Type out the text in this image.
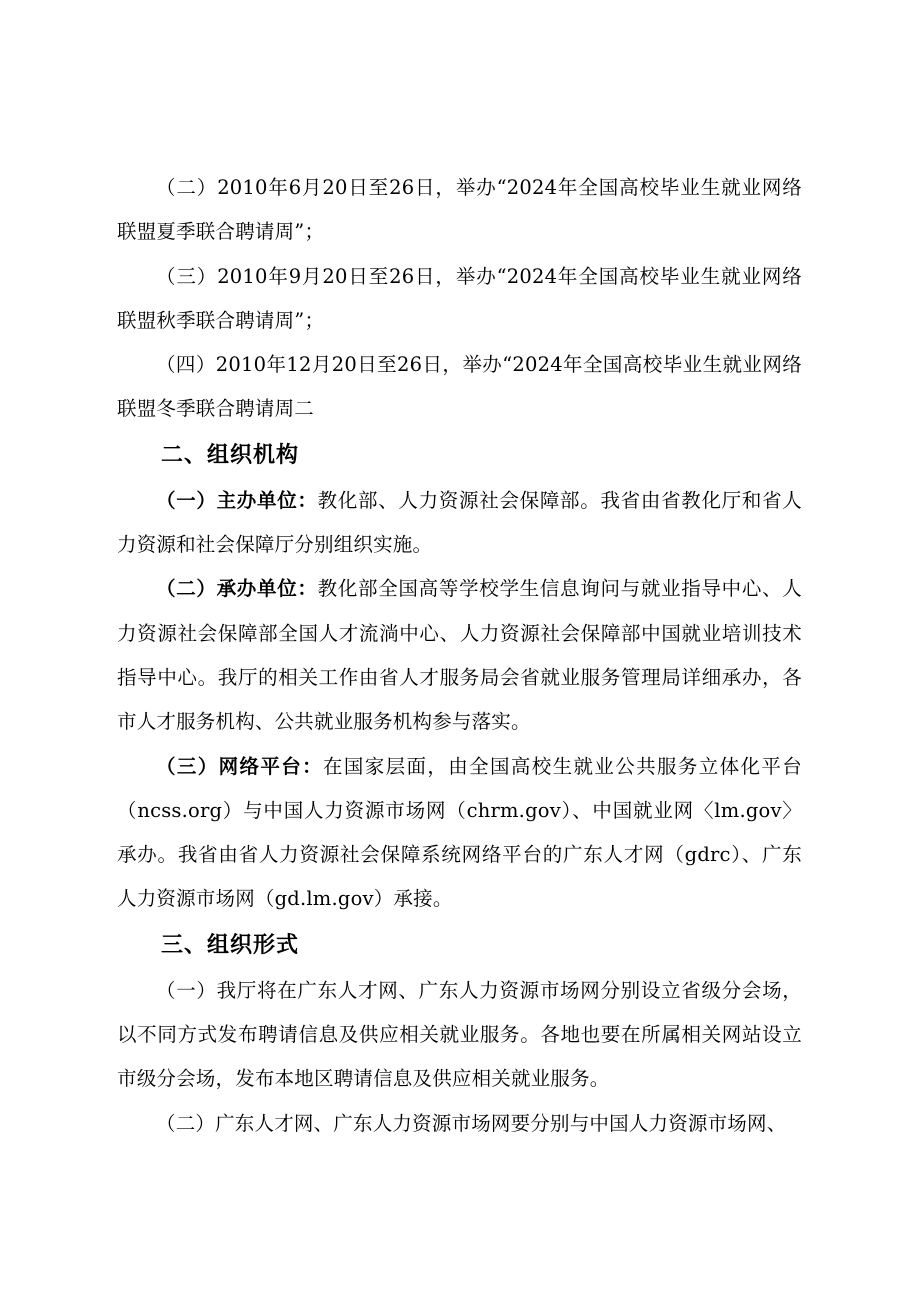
（二）2010年6月20日至26日，举办“2024年全国高校毕业生就业网络联盟夏季联合聘请周”；

（三）2010年9月20日至26日，举办“2024年全国高校毕业生就业网络联盟秋季联合聘请周”；

（四）2010年12月20日至26日，举办“2024年全国高校毕业生就业网络联盟冬季联合聘请周二

二、组织机构

（一）主办单位：教化部、人力资源社会保障部。我省由省教化厅和省人力资源和社会保障厅分别组织实施。

（二）承办单位：教化部全国高等学校学生信息询问与就业指导中心、人力资源社会保障部全国人才流淌中心、人力资源社会保障部中国就业培训技术指导中心。我厅的相关工作由省人才服务局会省就业服务管理局详细承办，各市人才服务机构、公共就业服务机构参与落实。

（三）网络平台：在国家层面，由全国高校生就业公共服务立体化平台（ncss.org）与中国人力资源市场网（chrm.gov）、中国就业网〈lm.gov〉承办。我省由省人力资源社会保障系统网络平台的广东人才网（gdrc）、广东人力资源市场网（gd.lm.gov）承接。

三、组织形式

（一）我厅将在广东人才网、广东人力资源市场网分别设立省级分会场，以不同方式发布聘请信息及供应相关就业服务。各地也要在所属相关网站设立市级分会场，发布本地区聘请信息及供应相关就业服务。

（二）广东人才网、广东人力资源市场网要分别与中国人力资源市场网、
